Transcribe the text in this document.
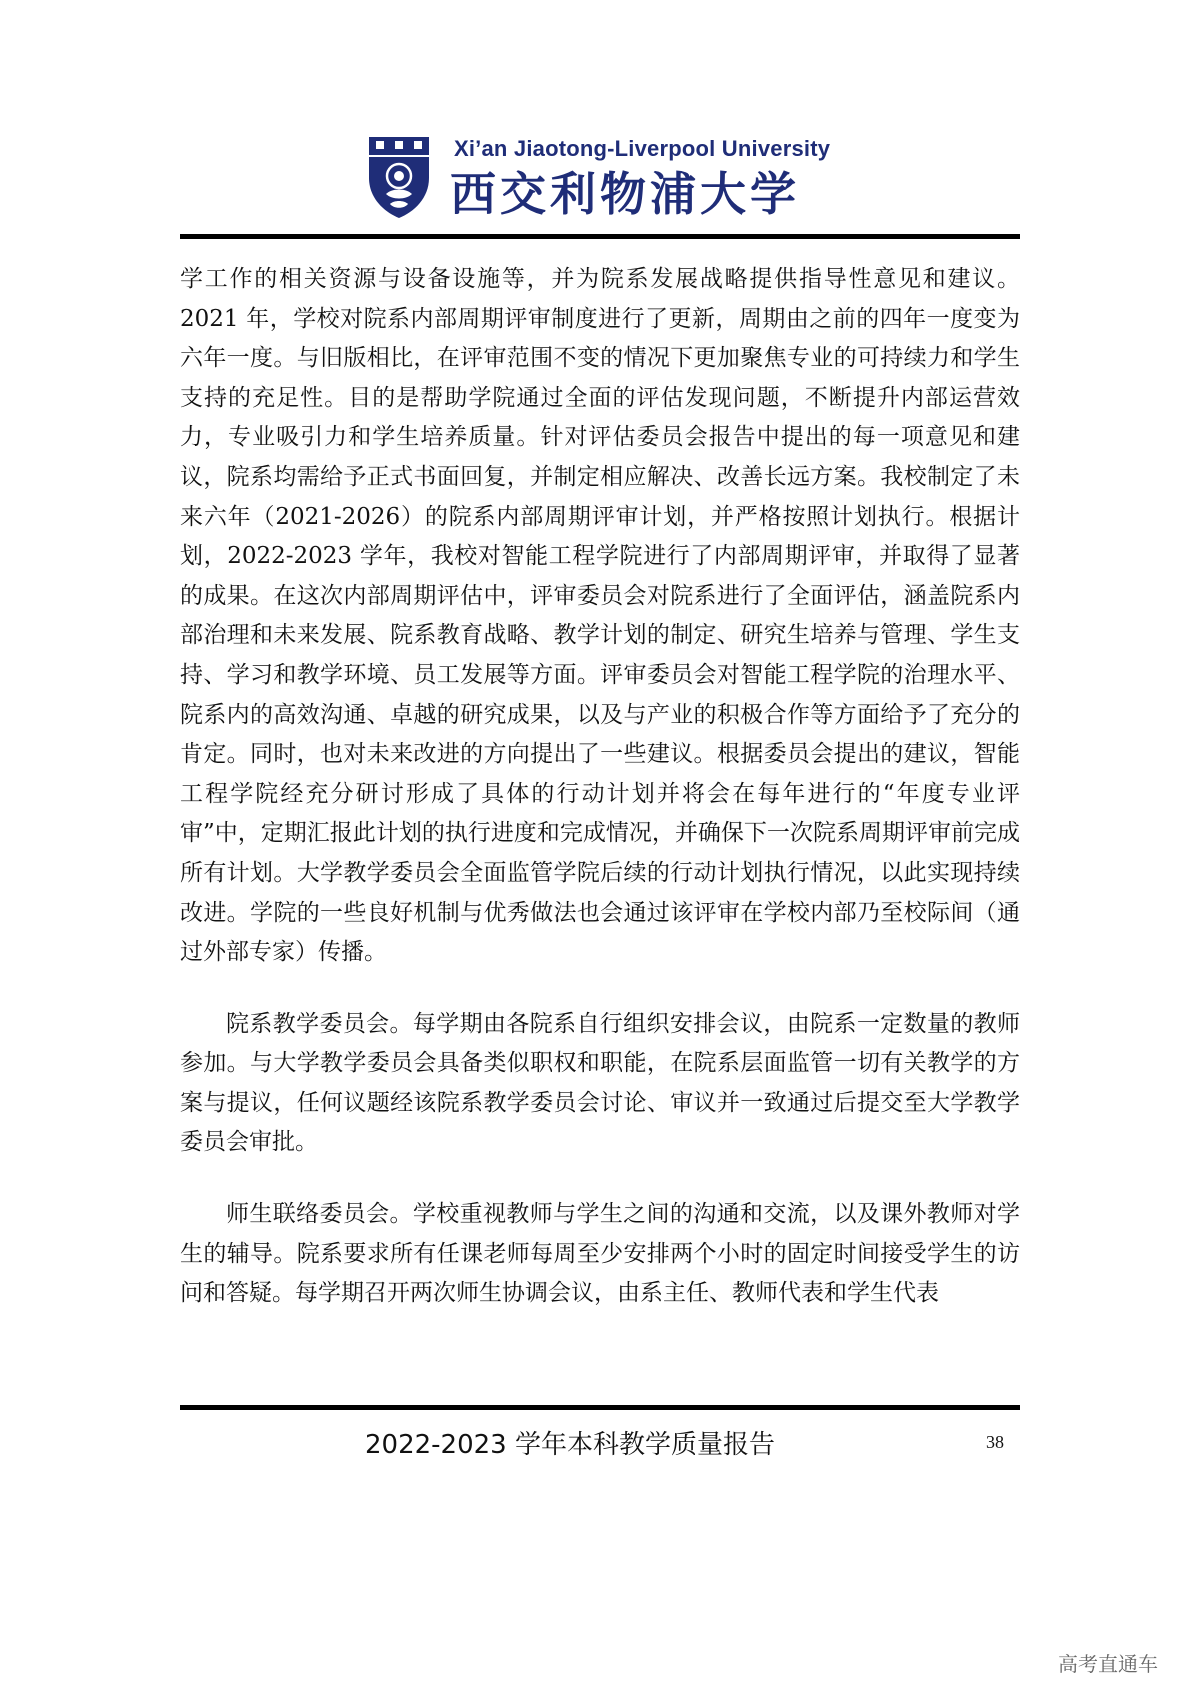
Xi’an Jiaotong-Liverpool University
西交利物浦大学

学工作的相关资源与设备设施等，并为院系发展战略提供指导性意见和建议。2021 年，学校对院系内部周期评审制度进行了更新，周期由之前的四年一度变为六年一度。与旧版相比，在评审范围不变的情况下更加聚焦专业的可持续力和学生支持的充足性。目的是帮助学院通过全面的评估发现问题，不断提升内部运营效力，专业吸引力和学生培养质量。针对评估委员会报告中提出的每一项意见和建议，院系均需给予正式书面回复，并制定相应解决、改善长远方案。我校制定了未来六年（2021-2026）的院系内部周期评审计划，并严格按照计划执行。根据计划，2022-2023 学年，我校对智能工程学院进行了内部周期评审，并取得了显著的成果。在这次内部周期评估中，评审委员会对院系进行了全面评估，涵盖院系内部治理和未来发展、院系教育战略、教学计划的制定、研究生培养与管理、学生支持、学习和教学环境、员工发展等方面。评审委员会对智能工程学院的治理水平、院系内的高效沟通、卓越的研究成果，以及与产业的积极合作等方面给予了充分的肯定。同时，也对未来改进的方向提出了一些建议。根据委员会提出的建议，智能工程学院经充分研讨形成了具体的行动计划并将会在每年进行的“年度专业评审”中，定期汇报此计划的执行进度和完成情况，并确保下一次院系周期评审前完成所有计划。大学教学委员会全面监管学院后续的行动计划执行情况，以此实现持续改进。学院的一些良好机制与优秀做法也会通过该评审在学校内部乃至校际间（通过外部专家）传播。

院系教学委员会。每学期由各院系自行组织安排会议，由院系一定数量的教师参加。与大学教学委员会具备类似职权和职能，在院系层面监管一切有关教学的方案与提议，任何议题经该院系教学委员会讨论、审议并一致通过后提交至大学教学委员会审批。

师生联络委员会。学校重视教师与学生之间的沟通和交流，以及课外教师对学生的辅导。院系要求所有任课老师每周至少安排两个小时的固定时间接受学生的访问和答疑。每学期召开两次师生协调会议，由系主任、教师代表和学生代表

2022-2023 学年本科教学质量报告	38
高考直通车
